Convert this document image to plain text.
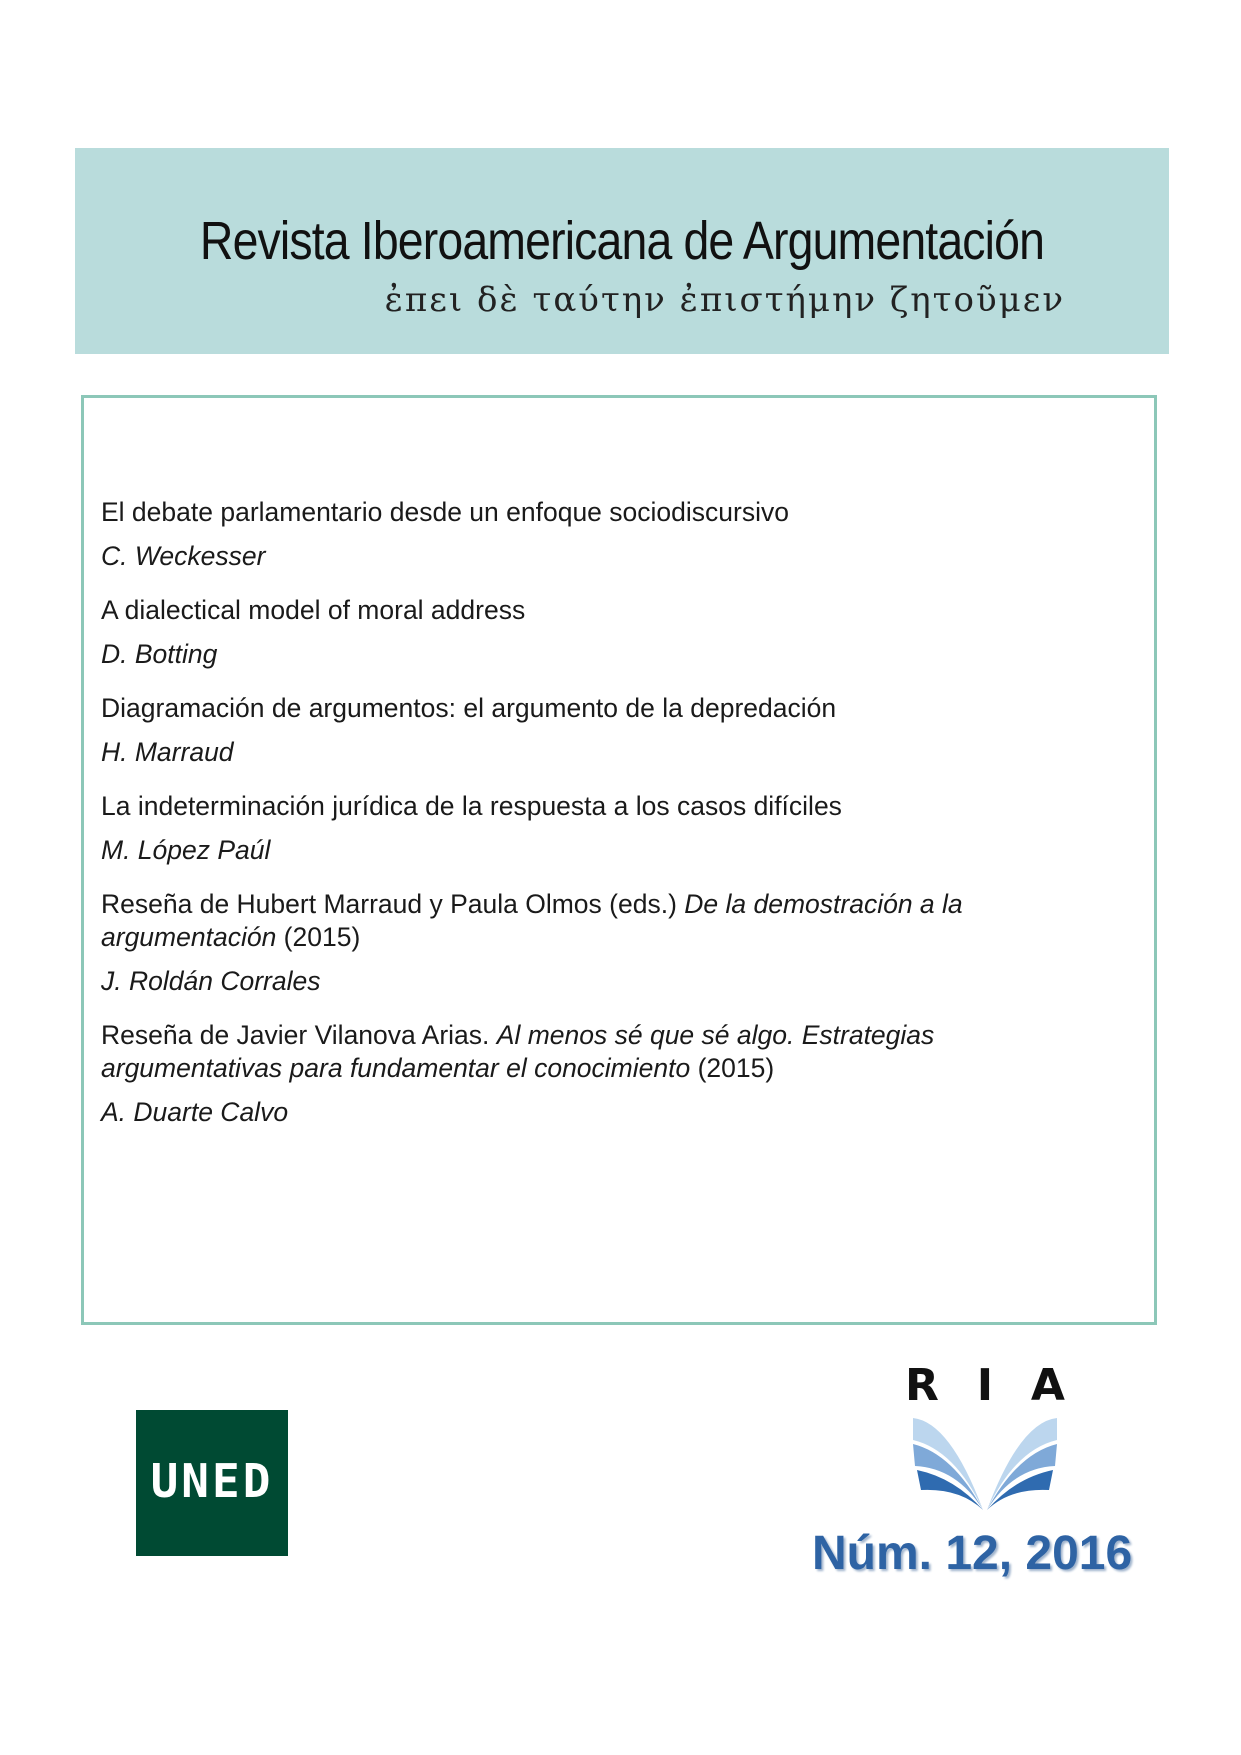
Revista Iberoamericana de Argumentación
ἐπει δὲ ταύτην ἐπιστήμην ζητοῦμεν

El debate parlamentario desde un enfoque sociodiscursivo

C. Weckesser

A dialectical model of moral address

D. Botting

Diagramación de argumentos: el argumento de la depredación

H. Marraud

La indeterminación jurídica de la respuesta a los casos difíciles

M. López Paúl

Reseña de Hubert Marraud y Paula Olmos (eds.) De la demostración a la argumentación (2015)

J. Roldán Corrales

Reseña de Javier Vilanova Arias. Al menos sé que sé algo. Estrategias argumentativas para fundamentar el conocimiento (2015)

A. Duarte Calvo

UNED
R I A
Núm. 12, 2016
